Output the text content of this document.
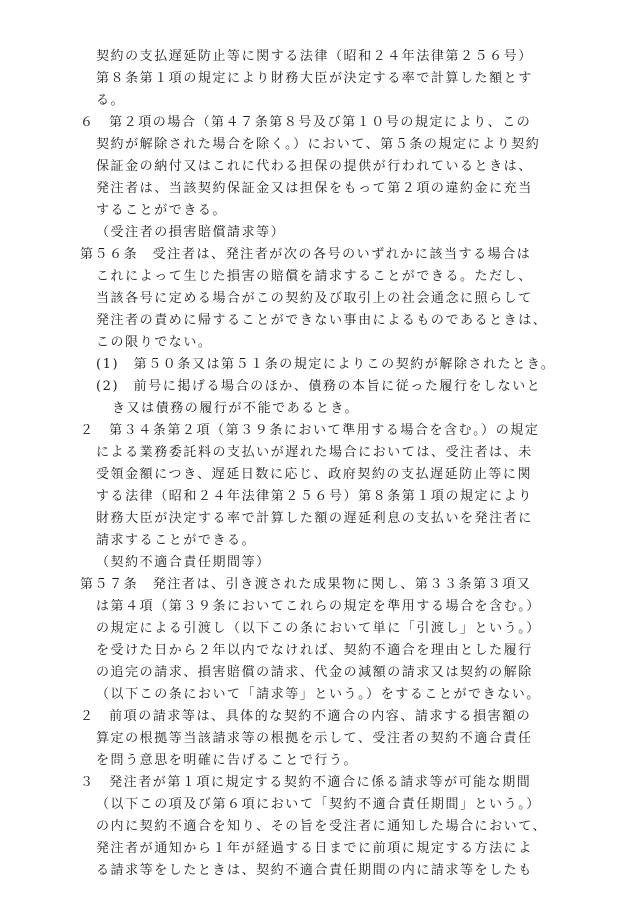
契約の支払遅延防止等に関する法律（昭和２４年法律第２５６号）
第８条第１項の規定により財務大臣が決定する率で計算した額とす
る。
６　第２項の場合（第４７条第８号及び第１０号の規定により、この
契約が解除された場合を除く。）において、第５条の規定により契約
保証金の納付又はこれに代わる担保の提供が行われているときは、
発注者は、当該契約保証金又は担保をもって第２項の違約金に充当
することができる。
（受注者の損害賠償請求等）
第５６条　受注者は、発注者が次の各号のいずれかに該当する場合は
これによって生じた損害の賠償を請求することができる。ただし、
当該各号に定める場合がこの契約及び取引上の社会通念に照らして
発注者の責めに帰することができない事由によるものであるときは、
この限りでない。
(1)　第５０条又は第５１条の規定によりこの契約が解除されたとき。
(2)　前号に掲げる場合のほか、債務の本旨に従った履行をしないと
き又は債務の履行が不能であるとき。
２　第３４条第２項（第３９条において準用する場合を含む。）の規定
による業務委託料の支払いが遅れた場合においては、受注者は、未
受領金額につき、遅延日数に応じ、政府契約の支払遅延防止等に関
する法律（昭和２４年法律第２５６号）第８条第１項の規定により
財務大臣が決定する率で計算した額の遅延利息の支払いを発注者に
請求することができる。
（契約不適合責任期間等）
第５７条　発注者は、引き渡された成果物に関し、第３３条第３項又
は第４項（第３９条においてこれらの規定を準用する場合を含む。）
の規定による引渡し（以下この条において単に「引渡し」という。）
を受けた日から２年以内でなければ、契約不適合を理由とした履行
の追完の請求、損害賠償の請求、代金の減額の請求又は契約の解除
（以下この条において「請求等」という。）をすることができない。
２　前項の請求等は、具体的な契約不適合の内容、請求する損害額の
算定の根拠等当該請求等の根拠を示して、受注者の契約不適合責任
を問う意思を明確に告げることで行う。
３　発注者が第１項に規定する契約不適合に係る請求等が可能な期間
（以下この項及び第６項において「契約不適合責任期間」という。）
の内に契約不適合を知り、その旨を受注者に通知した場合において、
発注者が通知から１年が経過する日までに前項に規定する方法によ
る請求等をしたときは、契約不適合責任期間の内に請求等をしたも
